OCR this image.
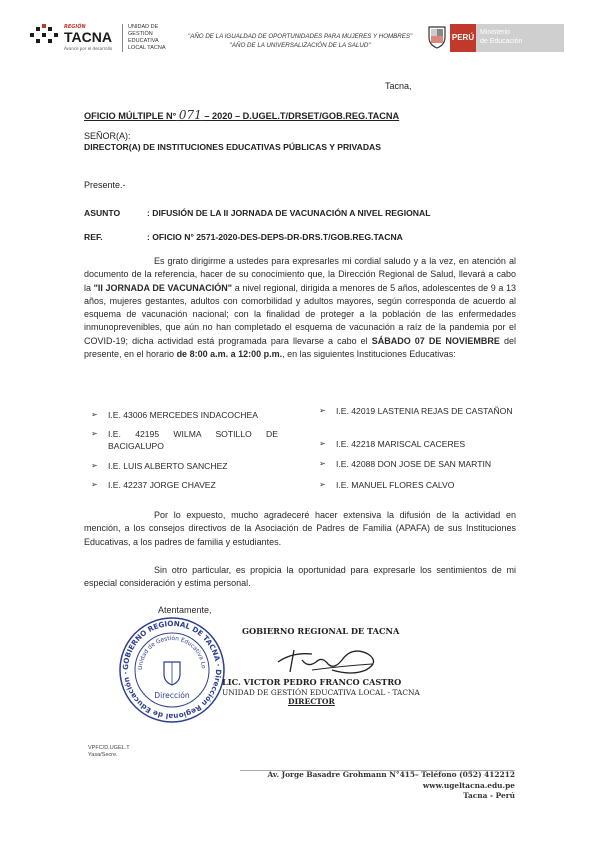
REGIÓN
TACNA
Avance por el desarrollo
UNIDAD DE
GESTIÓN
EDUCATIVA
LOCAL TACNA
"AÑO DE LA IGUALDAD DE OPORTUNIDADES PARA MUJERES Y HOMBRES"
"AÑO DE LA UNIVERSALIZACIÓN DE LA SALUD"
PERÚ
Ministerio
de Educación
Tacna,
OFICIO MÚLTIPLE N° 071 – 2020 – D.UGEL.T/DRSET/GOB.REG.TACNA
SEÑOR(A):
DIRECTOR(A) DE INSTITUCIONES EDUCATIVAS PÚBLICAS Y PRIVADAS
Presente.-
ASUNTO	: DIFUSIÓN DE LA II JORNADA DE VACUNACIÓN A NIVEL REGIONAL
REF.	: OFICIO N° 2571-2020-DES-DEPS-DR-DRS.T/GOB.REG.TACNA
Es grato dirigirme a ustedes para expresarles mi cordial saludo y a la vez, en atención al documento de la referencia, hacer de su conocimiento que, la Dirección Regional de Salud, llevará a cabo la "II JORNADA DE VACUNACIÓN" a nivel regional, dirigida a menores de 5 años, adolescentes de 9 a 13 años, mujeres gestantes, adultos con comorbilidad y adultos mayores, según corresponda de acuerdo al esquema de vacunación nacional; con la finalidad de proteger a la población de las enfermedades inmunoprevenibles, que aún no han completado el esquema de vacunación a raíz de la pandemia por el COVID-19; dicha actividad está programada para llevarse a cabo el SÁBADO 07 DE NOVIEMBRE del presente, en el horario de 8:00 a.m. a 12:00 p.m., en las siguientes Instituciones Educativas:
➢ I.E. 43006 MERCEDES INDACOCHEA
➢ I.E. 42195 WILMA SOTILLO DE BACIGALUPO
➢ I.E. LUIS ALBERTO SANCHEZ
➢ I.E. 42237 JORGE CHAVEZ
➢ I.E. 42019 LASTENIA REJAS DE CASTAÑON
➢ I.E. 42218 MARISCAL CACERES
➢ I.E. 42088 DON JOSE DE SAN MARTIN
➢ I.E. MANUEL FLORES CALVO
Por lo expuesto, mucho agradeceré hacer extensiva la difusión de la actividad en mención, a los consejos directivos de la Asociación de Padres de Familia (APAFA) de sus Instituciones Educativas, a los padres de familia y estudiantes.
Sin otro particular, es propicia la oportunidad para expresarle los sentimientos de mi especial consideración y estima personal.
Atentamente,
GOBIERNO REGIONAL DE TACNA · Dirección Regional de Educación ·
Unidad de Gestión Educativa Lo
Dirección
GOBIERNO REGIONAL DE TACNA
LIC. VICTOR PEDRO FRANCO CASTRO
UNIDAD DE GESTIÓN EDUCATIVA LOCAL - TACNA
DIRECTOR
VPFC/D.UGEL.T
Yasa/Secre.
Av. Jorge Basadre Grohmann N°415– Teléfono (052) 412212
www.ugeltacna.edu.pe
Tacna - Perú
